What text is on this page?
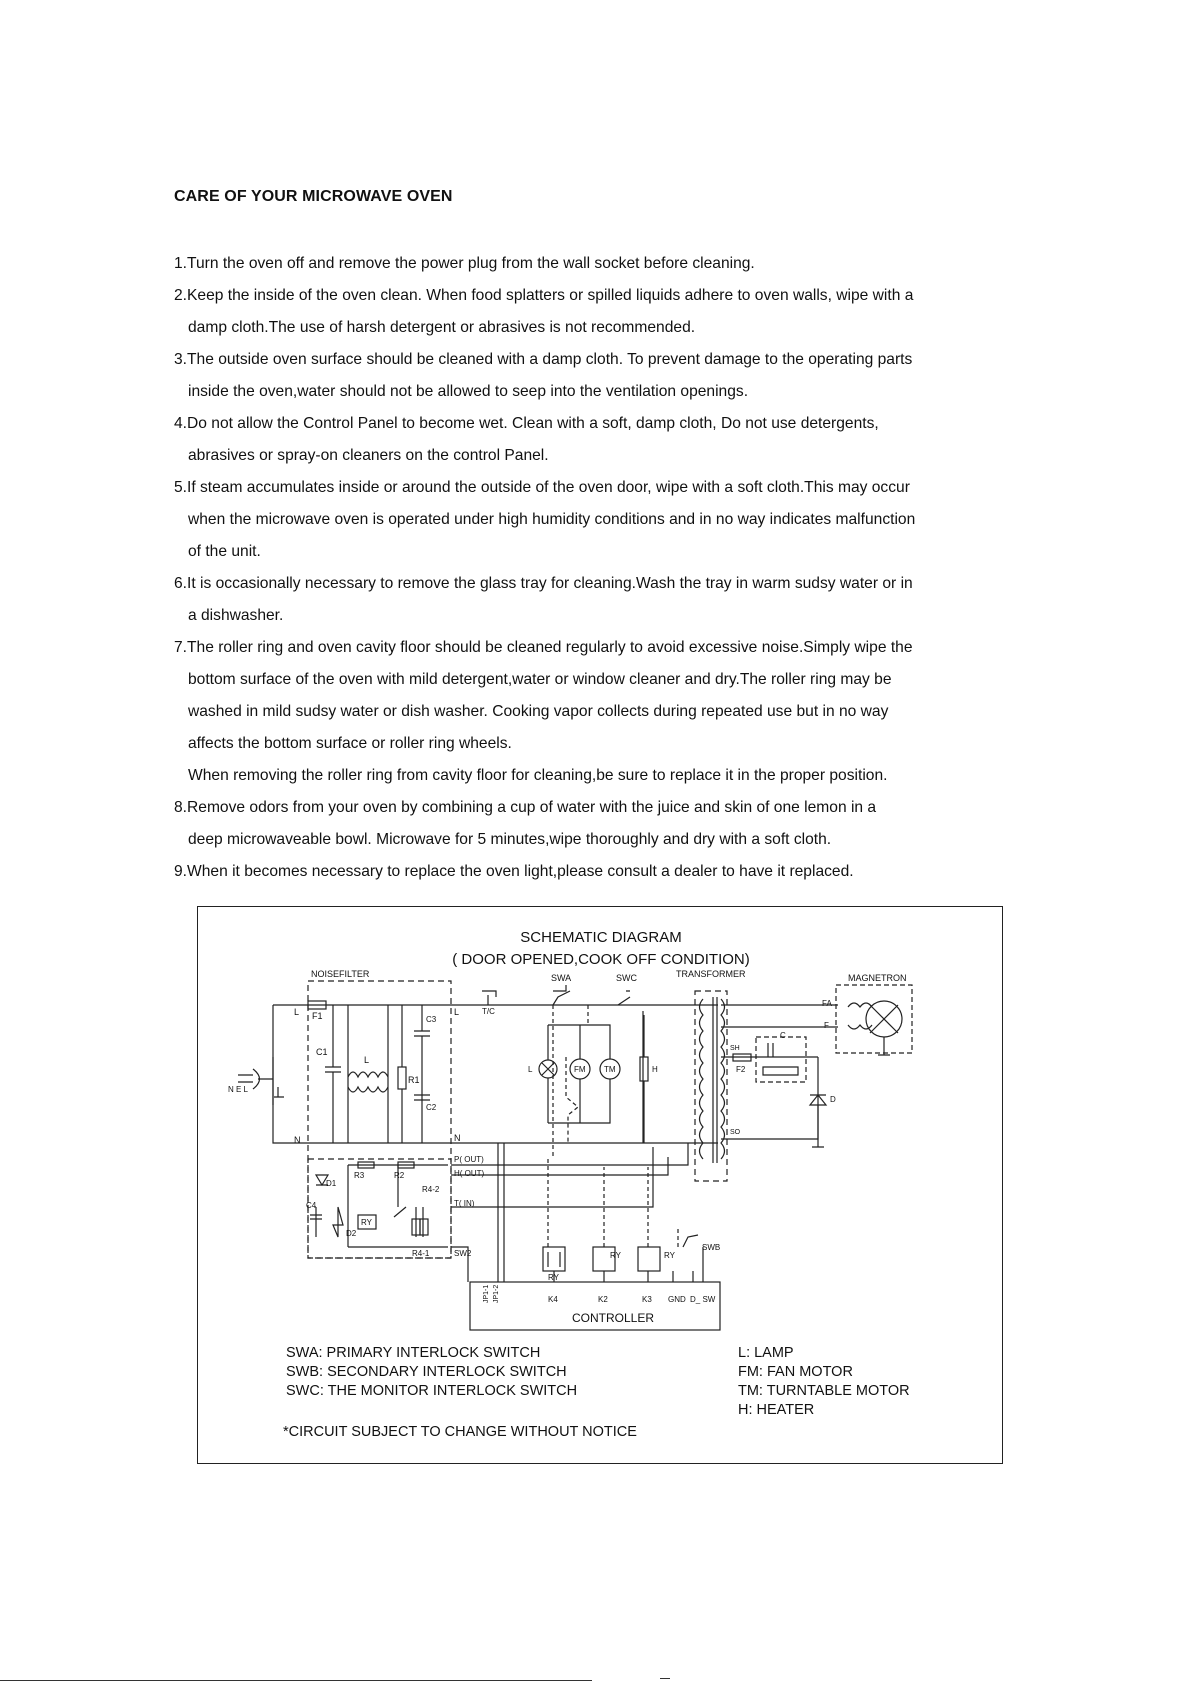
CARE OF YOUR MICROWAVE OVEN
1.Turn the oven off and remove the power plug from the wall socket before cleaning.
2.Keep the inside of the oven clean. When food splatters or spilled liquids adhere to oven walls, wipe with a
damp cloth.The use of harsh detergent or abrasives is not recommended.
3.The outside oven surface should be cleaned with a damp cloth. To prevent damage to the operating parts
inside the oven,water should not be allowed to seep into the ventilation openings.
4.Do not allow the Control Panel to become wet. Clean with a soft, damp cloth, Do not use detergents,
abrasives or spray-on cleaners on the control Panel.
5.If steam accumulates inside or around the outside of the oven door, wipe with a soft cloth.This may occur
when the microwave oven is operated under high humidity conditions and in no way indicates malfunction
of the unit.
6.It is occasionally necessary to remove the glass tray for cleaning.Wash the tray in warm sudsy water or in
a dishwasher.
7.The roller ring and oven cavity floor should be cleaned regularly to avoid excessive noise.Simply wipe the
bottom surface of the oven with mild detergent,water or window cleaner and dry.The roller ring may be
washed in mild sudsy water or dish washer. Cooking vapor collects during repeated use but in no way
affects the bottom surface or roller ring wheels.
When removing the roller ring from cavity floor for cleaning,be sure to replace it in the proper position.
8.Remove odors from your oven by combining a cup of water with the juice and skin of one lemon in a
deep microwaveable bowl. Microwave for 5 minutes,wipe thoroughly and dry with a soft cloth.
9.When it becomes necessary to replace the oven light,please consult a dealer to have it replaced.
SCHEMATIC DIAGRAM
( DOOR OPENED,COOK OFF CONDITION)
NOISEFILTER	SWA	SWC	TRANSFORMER	MAGNETRON
L
N
N E L
F1
C1
L
C3
R1
C2
L
N
T/C
L	FM TM	H
FA
F
SH
F2
C
D
SO
R3	R2
D1
P( OUT)
H( OUT)
R4-2
T( IN)
C4
D2
RY
R4-1	SW2
RY
RY	RY
SWB
K4	K2	K3 GND D_ SW
JP1-1 JP1-2
CONTROLLER
SWA: PRIMARY INTERLOCK SWITCH
SWB: SECONDARY INTERLOCK SWITCH
SWC: THE MONITOR INTERLOCK SWITCH
L: LAMP
FM: FAN MOTOR
TM: TURNTABLE MOTOR
H: HEATER
*CIRCUIT SUBJECT TO CHANGE WITHOUT NOTICE
